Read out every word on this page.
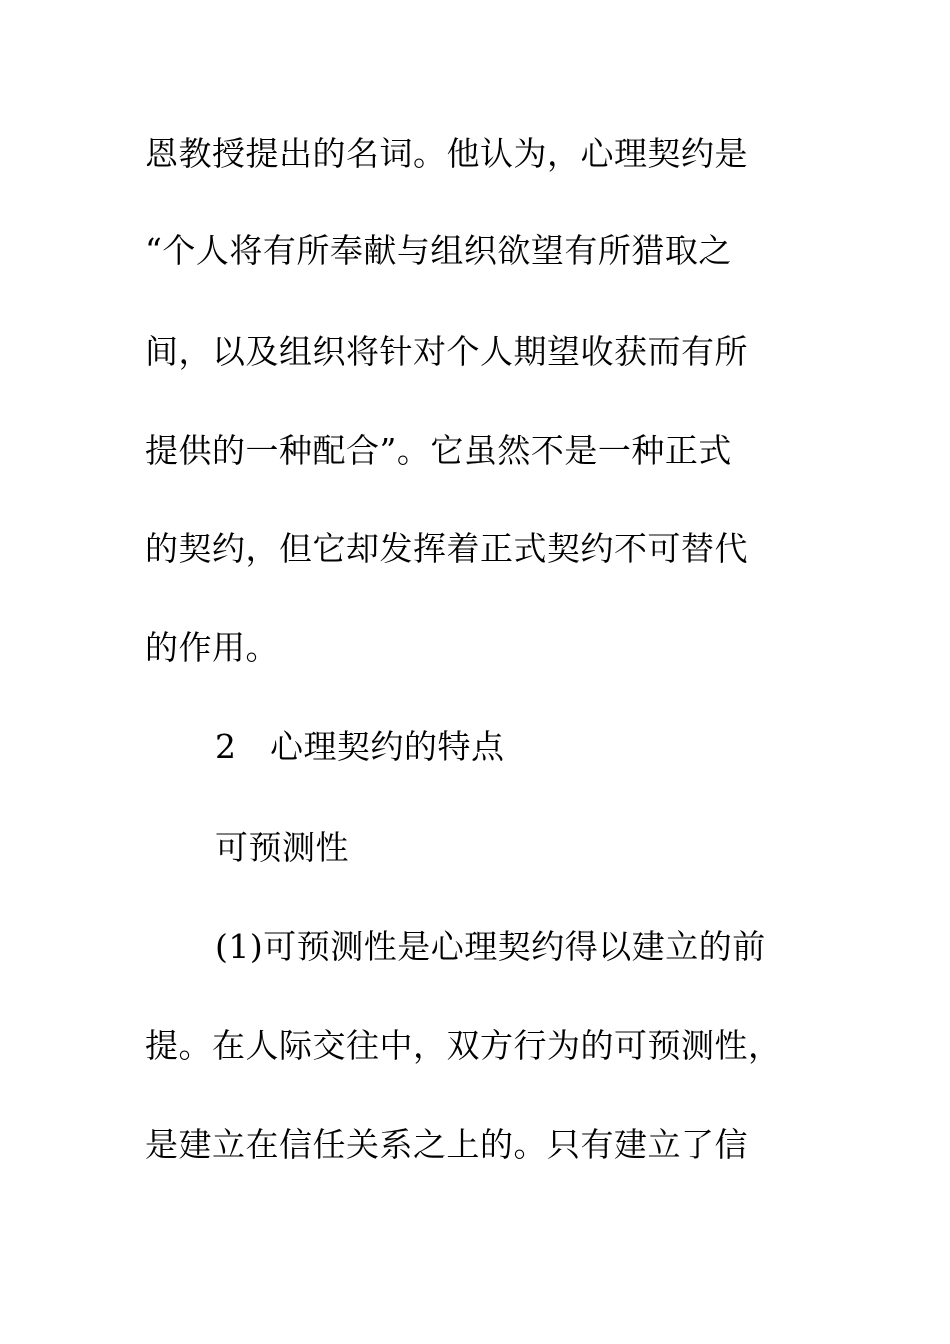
恩教授提出的名词。他认为，心理契约是
“个人将有所奉献与组织欲望有所猎取之
间，以及组织将针对个人期望收获而有所
提供的一种配合”。它虽然不是一种正式
的契约，但它却发挥着正式契约不可替代
的作用。
2　心理契约的特点
可预测性
(1)可预测性是心理契约得以建立的前
提。在人际交往中，双方行为的可预测性，
是建立在信任关系之上的。只有建立了信
